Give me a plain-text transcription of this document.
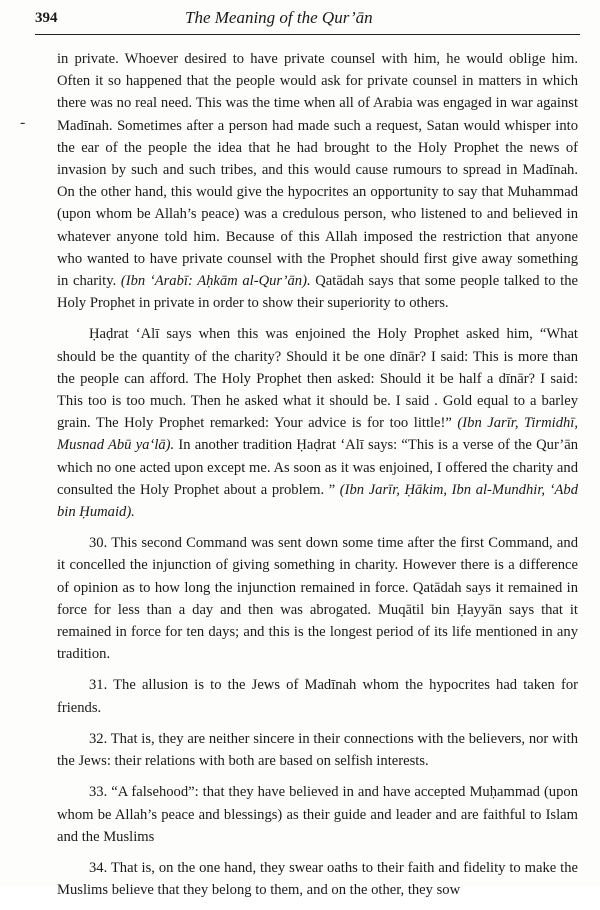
394	The Meaning of the Qur’ān
-

in private. Whoever desired to have private counsel with him, he would oblige him. Often it so happened that the people would ask for private counsel in matters in which there was no real need. This was the time when all of Arabia was engaged in war against Madīnah. Sometimes after a person had made such a request, Satan would whisper into the ear of the people the idea that he had brought to the Holy Prophet the news of invasion by such and such tribes, and this would cause rumours to spread in Madīnah. On the other hand, this would give the hypocrites an opportunity to say that Muhammad (upon whom be Allah’s peace) was a credulous person, who listened to and believed in whatever anyone told him. Because of this Allah imposed the restriction that anyone who wanted to have private counsel with the Prophet should first give away something in charity. (Ibn ‘Arabī: Aḥkām al-Qur’ān). Qatādah says that some people talked to the Holy Prophet in private in order to show their superiority to others.

Ḥaḍrat ‘Alī says when this was enjoined the Holy Prophet asked him, “What should be the quantity of the charity? Should it be one dīnār? I said: This is more than the people can afford. The Holy Prophet then asked: Should it be half a dīnār? I said: This too is too much. Then he asked what it should be. I said . Gold equal to a barley grain. The Holy Prophet remarked: Your advice is for too little!” (Ibn Jarīr, Tirmidhī, Musnad Abū ya‘lā). In another tradition Ḥaḍrat ‘Alī says: “This is a verse of the Qur’ān which no one acted upon except me. As soon as it was enjoined, I offered the charity and consulted the Holy Prophet about a problem. ” (Ibn Jarīr, Ḥākim, Ibn al-Mundhir, ‘Abd bin Ḥumaid).

30. This second Command was sent down some time after the first Command, and it concelled the injunction of giving something in charity. However there is a difference of opinion as to how long the injunction remained in force. Qatādah says it remained in force for less than a day and then was abrogated. Muqātil bin Ḥayyān says that it remained in force for ten days; and this is the longest period of its life mentioned in any tradition.

31. The allusion is to the Jews of Madīnah whom the hypocrites had taken for friends.

32. That is, they are neither sincere in their connections with the believers, nor with the Jews: their relations with both are based on selfish interests.

33. “A falsehood”: that they have believed in and have accepted Muḥammad (upon whom be Allah’s peace and blessings) as their guide and leader and are faithful to Islam and the Muslims

34. That is, on the one hand, they swear oaths to their faith and fidelity to make the Muslims believe that they belong to them, and on the other, they sow
